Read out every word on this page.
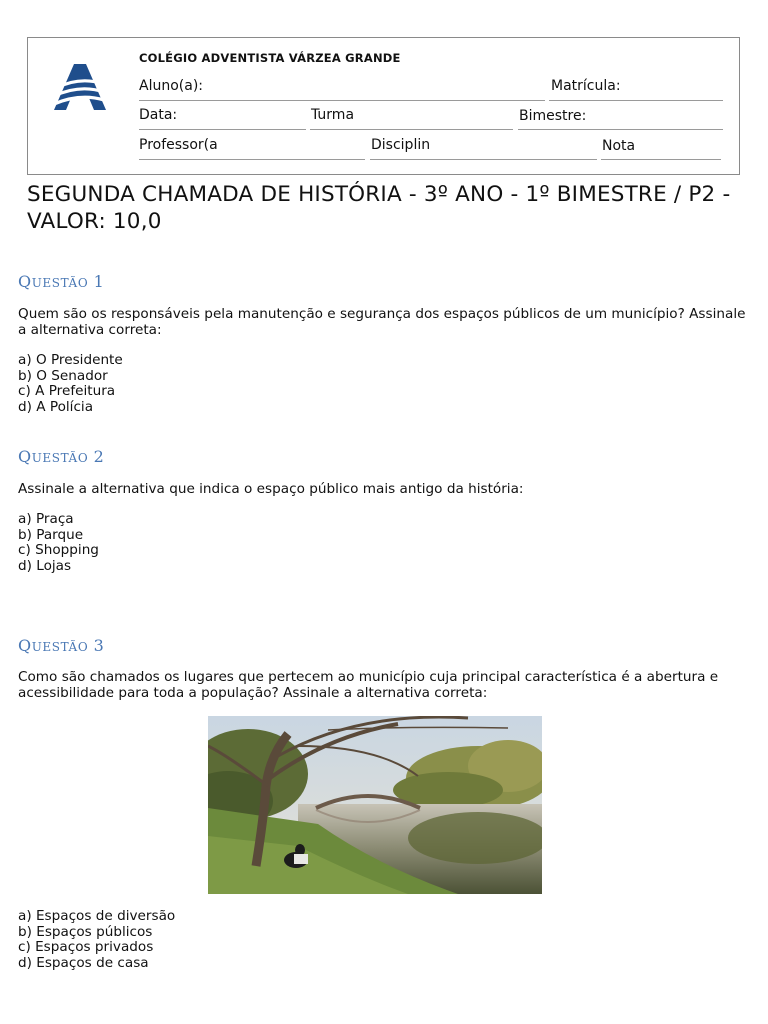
COLÉGIO ADVENTISTA VÁRZEA GRANDE
Aluno(a):	Matrícula:
Data:	Turma	Bimestre:
Professor(a	Disciplin	Nota
SEGUNDA CHAMADA DE HISTÓRIA - 3º ANO - 1º BIMESTRE / P2 - VALOR: 10,0
QUESTÃO 1
Quem são os responsáveis pela manutenção e segurança dos espaços públicos de um município? Assinale a alternativa correta:
a) O Presidente
b) O Senador
c) A Prefeitura
d) A Polícia
QUESTÃO 2
Assinale a alternativa que indica o espaço público mais antigo da história:
a) Praça
b) Parque
c) Shopping
d) Lojas
QUESTÃO 3
Como são chamados os lugares que pertecem ao município cuja principal característica é a abertura e acessibilidade para toda a população? Assinale a alternativa correta:
a) Espaços de diversão
b) Espaços públicos
c) Espaços privados
d) Espaços de casa
